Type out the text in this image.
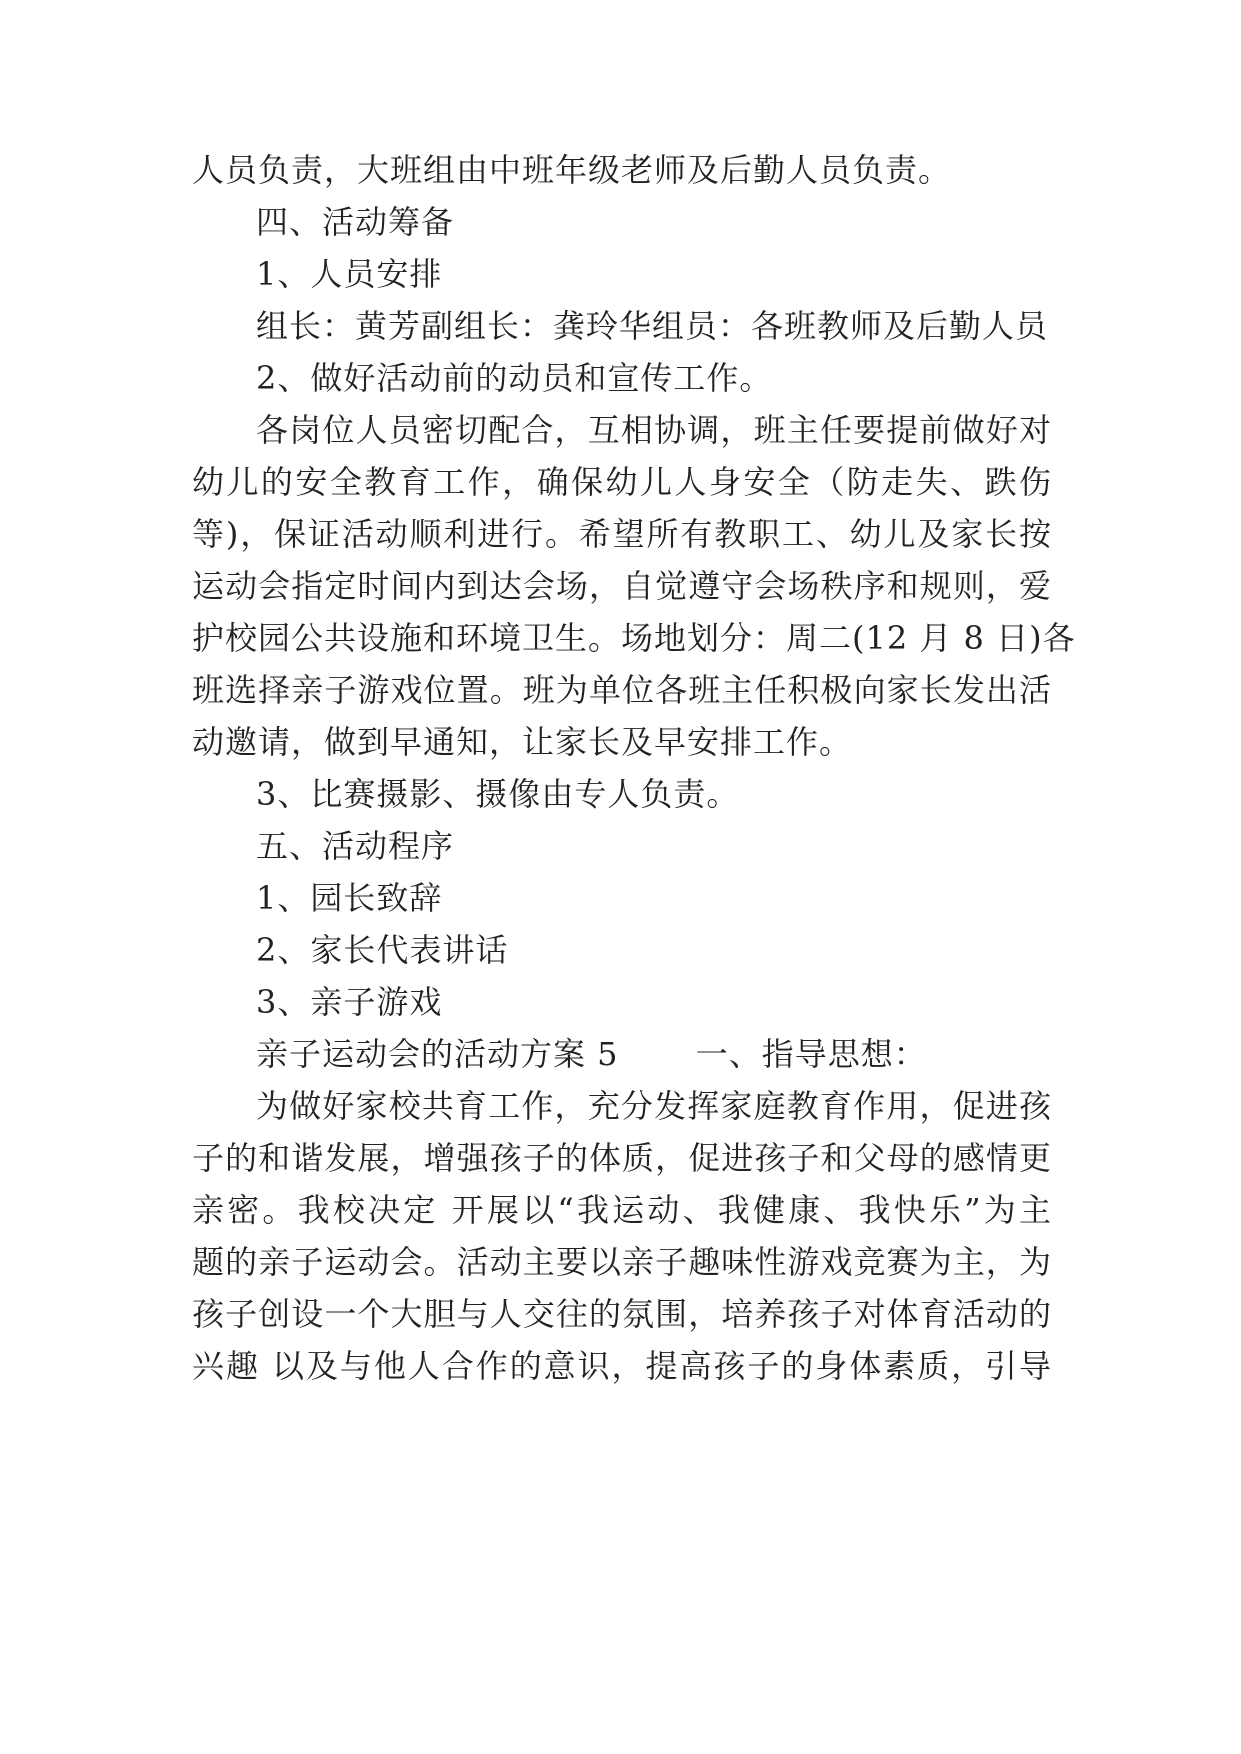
人员负责，大班组由中班年级老师及后勤人员负责。
四、活动筹备
1、人员安排
组长：黄芳副组长：龚玲华组员：各班教师及后勤人员
2、做好活动前的动员和宣传工作。
各岗位人员密切配合，互相协调，班主任要提前做好对
幼儿的安全教育工作，确保幼儿人身安全（防走失、跌伤
等)，保证活动顺利进行。希望所有教职工、幼儿及家长按
运动会指定时间内到达会场，自觉遵守会场秩序和规则，爱
护校园公共设施和环境卫生。场地划分：周二(12 月 8 日)各
班选择亲子游戏位置。班为单位各班主任积极向家长发出活
动邀请，做到早通知，让家长及早安排工作。
3、比赛摄影、摄像由专人负责。
五、活动程序
1、园长致辞
2、家长代表讲话
3、亲子游戏
亲子运动会的活动方案 5　　 一、指导思想：
为做好家校共育工作，充分发挥家庭教育作用，促进孩
子的和谐发展，增强孩子的体质，促进孩子和父母的感情更
亲密。我校决定 开展以“我运动、我健康、我快乐”为主
题的亲子运动会。活动主要以亲子趣味性游戏竞赛为主，为
孩子创设一个大胆与人交往的氛围，培养孩子对体育活动的
兴趣 以及与他人合作的意识，提高孩子的身体素质，引导
